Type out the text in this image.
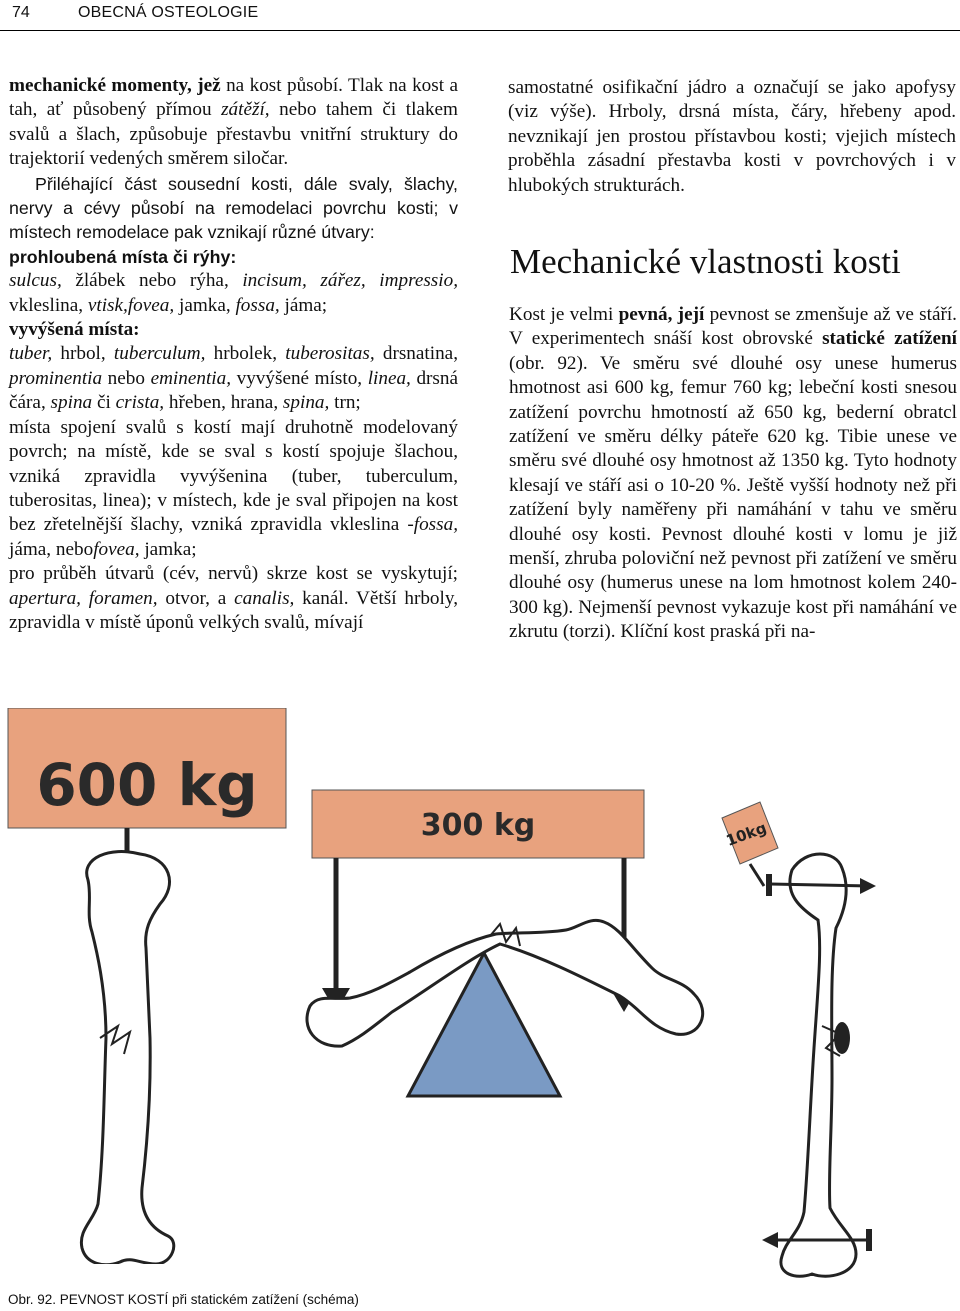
74	OBECNÁ OSTEOLOGIE

mechanické momenty, jež na kost působí. Tlak na kost a tah, ať působený přímou zátěží, nebo tahem či tlakem svalů a šlach, způsobuje přestavbu vnitřní struktury do trajektorií vedených směrem siločar.

Přiléhající část sousední kosti, dále svaly, šlachy, nervy a cévy působí na remodelaci povrchu kosti; v místech remodelace pak vznikají různé útvary:

prohloubená místa či rýhy:

sulcus, žlábek nebo rýha, incisum, zářez, impressio, vkleslina, vtisk,fovea, jamka, fossa, jáma;

vyvýšená místa:

tuber, hrbol, tuberculum, hrbolek, tuberositas, drsnatina, prominentia nebo eminentia, vyvýšené místo, linea, drsná čára, spina či crista, hřeben, hrana, spina, trn;

místa spojení svalů s kostí mají druhotně modelovaný povrch; na místě, kde se sval s kostí spojuje šlachou, vzniká zpravidla vyvýšenina (tuber, tuberculum, tuberositas, linea); v místech, kde je sval připojen na kost bez zřetelnější šlachy, vzniká zpravidla vkleslina -fossa, jáma, nebofovea, jamka;

pro průběh útvarů (cév, nervů) skrze kost se vyskytují; apertura, foramen, otvor, a canalis, kanál. Větší hrboly, zpravidla v místě úponů velkých svalů, mívají

samostatné osifikační jádro a označují se jako apofysy (viz výše). Hrboly, drsná místa, čáry, hřebeny apod. nevznikají jen prostou přístavbou kosti; vjejich místech proběhla zásadní přestavba kosti v povrchových i v hlubokých strukturách.

Mechanické vlastnosti kosti

Kost je velmi pevná, její pevnost se zmenšuje až ve stáří. V experimentech snáší kost obrovské statické zatížení (obr. 92). Ve směru své dlouhé osy unese humerus hmotnost asi 600 kg, femur 760 kg; lebeční kosti snesou zatížení povrchu hmotností až 650 kg, bederní obratcl zatížení ve směru délky páteře 620 kg. Tibie unese ve směru své dlouhé osy hmotnost až 1350 kg. Tyto hodnoty klesají ve stáří asi o 10-20 %. Ještě vyšší hodnoty než při zatížení byly naměřeny při namáhání v tahu ve směru dlouhé osy kosti. Pevnost dlouhé kosti v lomu je již menší, zhruba poloviční než pevnost při zatížení ve směru dlouhé osy (humerus unese na lom hmotnost kolem 240-300 kg). Nejmenší pevnost vykazuje kost při namáhání ve zkrutu (torzi). Klíční kost praská při na-

600 kg
300 kg	10kg
Obr. 92. PEVNOST KOSTÍ při statickém zatížení (schéma)
